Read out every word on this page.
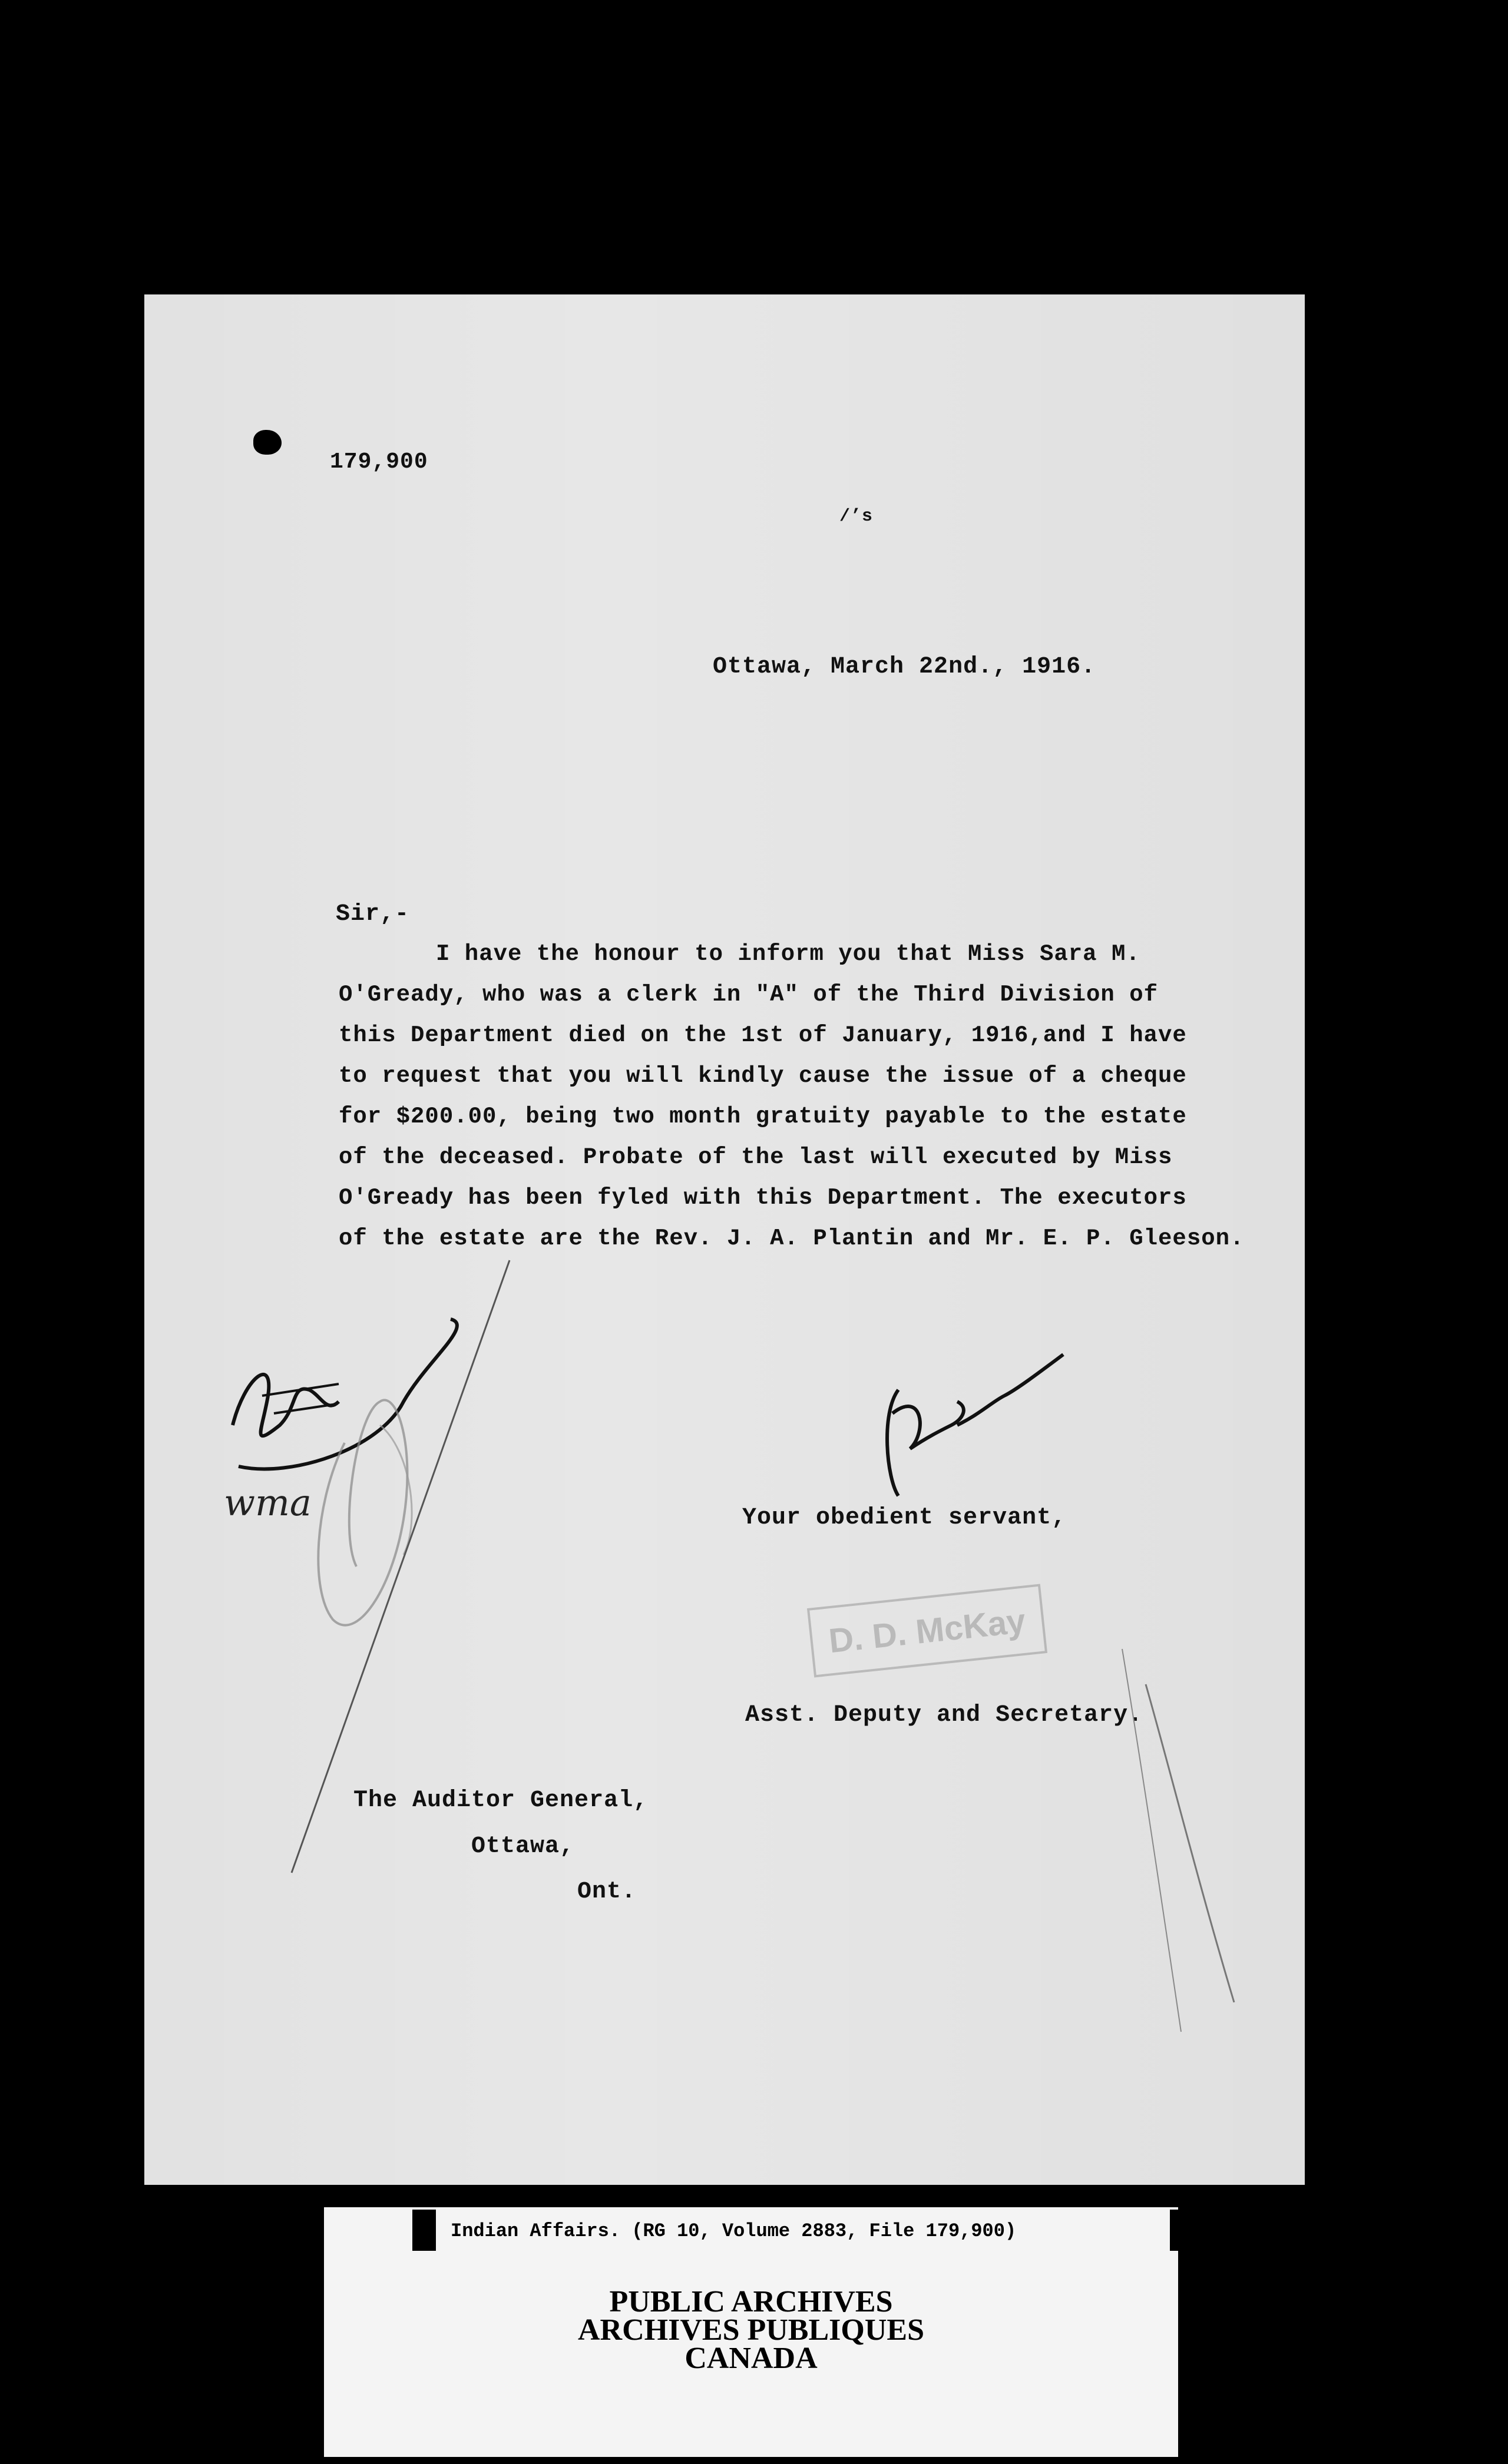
179,900
/’s
Ottawa, March 22nd., 1916.
Sir,-
I have the honour to inform you that Miss Sara M.
O'Gready, who was a clerk in "A" of the Third Division of
this Department died on the 1st of January, 1916,and I have
to request that you will kindly cause the issue of a cheque
for $200.00, being two month gratuity payable to the estate
of the deceased. Probate of the last will executed by Miss
O'Gready has been fyled with this Department. The executors
of the estate are the Rev. J. A. Plantin and Mr. E. P. Gleeson.
Your obedient servant,
D. D. McKay
Asst. Deputy and Secretary.
The Auditor General,
Ottawa,
Ont.
wma
Indian Affairs. (RG 10, Volume 2883, File 179,900)
PUBLIC ARCHIVES
ARCHIVES PUBLIQUES
CANADA
